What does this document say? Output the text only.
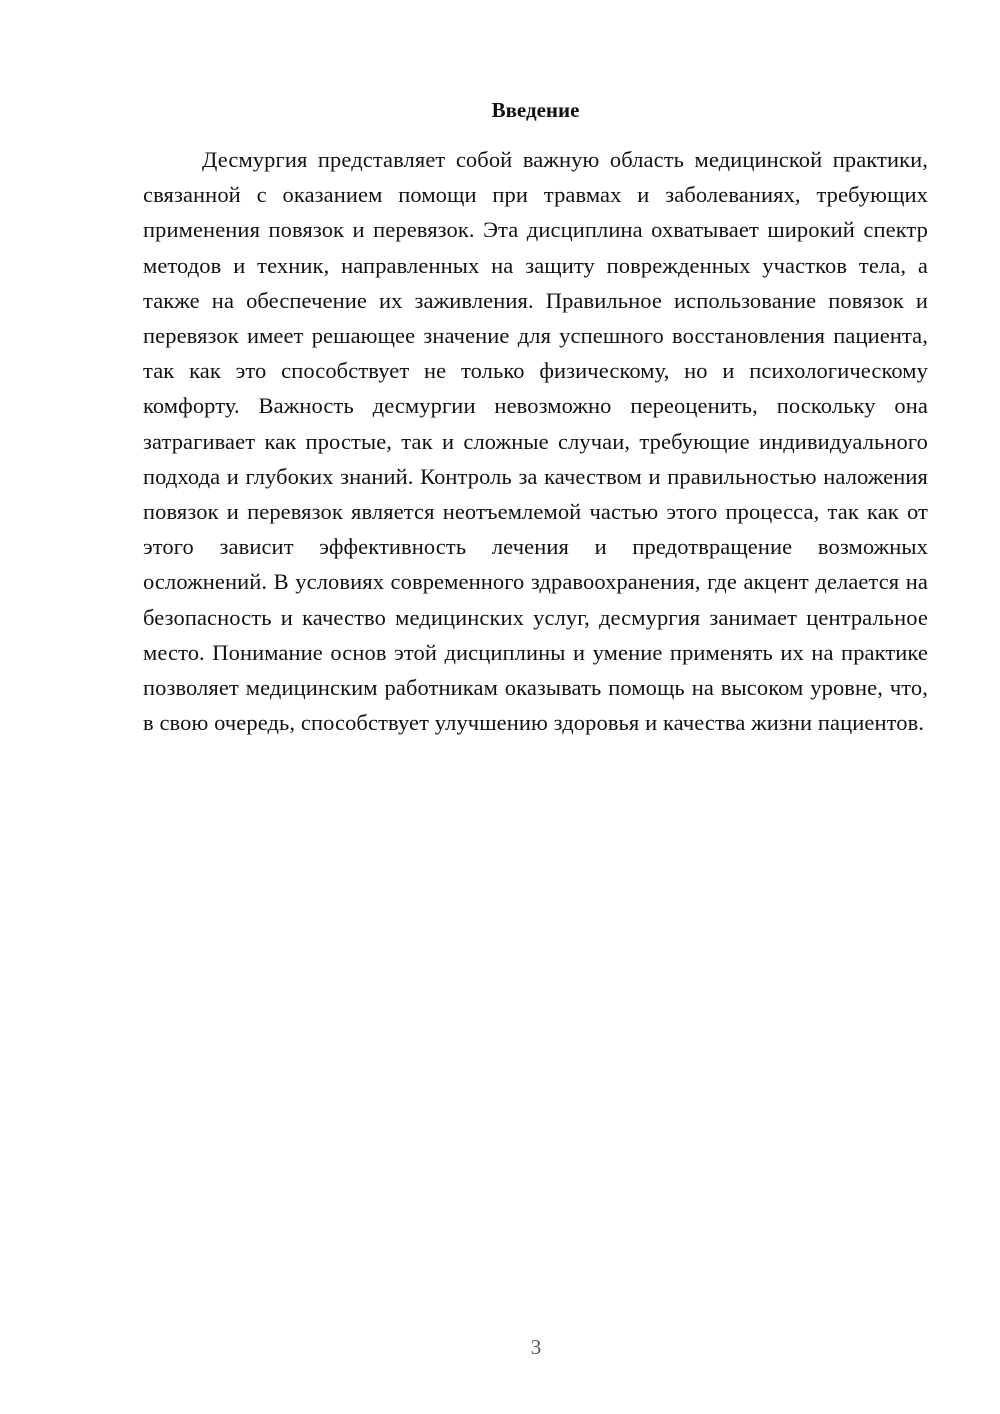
Введение

Десмургия представляет собой важную область медицинской практики, связанной с оказанием помощи при травмах и заболеваниях, требующих применения повязок и перевязок. Эта дисциплина охватывает широкий спектр методов и техник, направленных на защиту поврежденных участков тела, а также на обеспечение их заживления. Правильное использование повязок и перевязок имеет решающее значение для успешного восстановления пациента, так как это способствует не только физическому, но и психологическому комфорту. Важность десмургии невозможно переоценить, поскольку она затрагивает как простые, так и сложные случаи, требующие индивидуального подхода и глубоких знаний. Контроль за качеством и правильностью наложения повязок и перевязок является неотъемлемой частью этого процесса, так как от этого зависит эффективность лечения и предотвращение возможных осложнений. В условиях современного здравоохранения, где акцент делается на безопасность и качество медицинских услуг, десмургия занимает центральное место. Понимание основ этой дисциплины и умение применять их на практике позволяет медицинским работникам оказывать помощь на высоком уровне, что, в свою очередь, способствует улучшению здоровья и качества жизни пациентов.

3
